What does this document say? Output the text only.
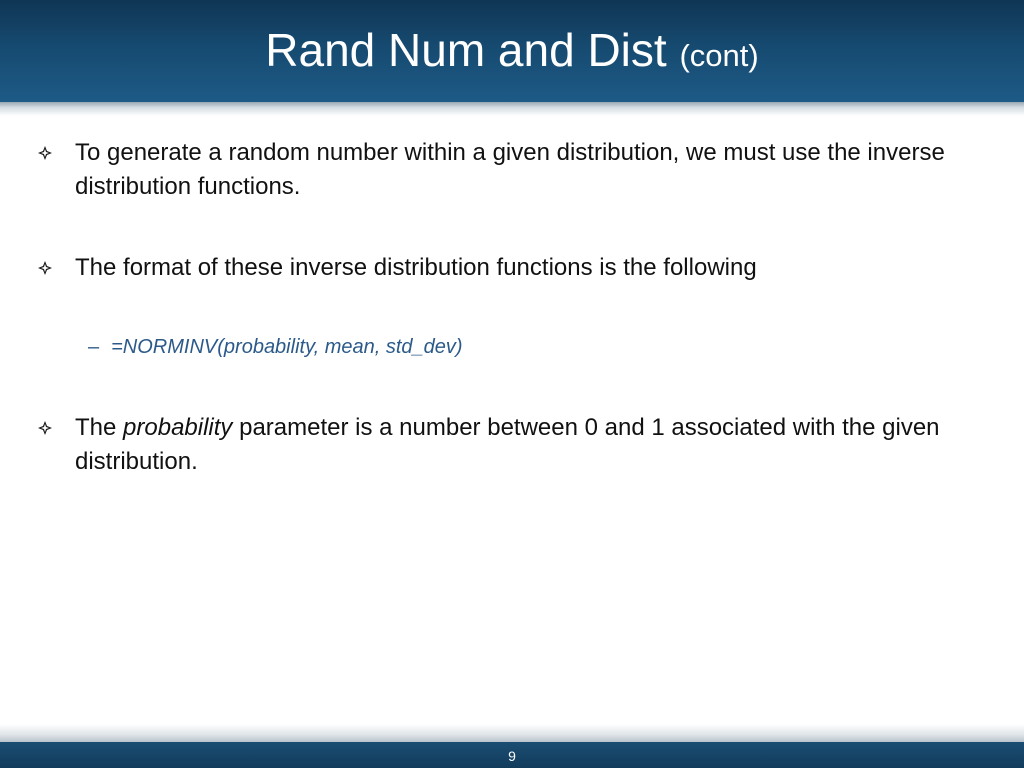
Rand Num and Dist (cont)
To generate a random number within a given distribution, we must use the inverse distribution functions.
The format of these inverse distribution functions is the following
– =NORMINV(probability, mean, std_dev)
The probability parameter is a number between 0 and 1 associated with the given distribution.
9
